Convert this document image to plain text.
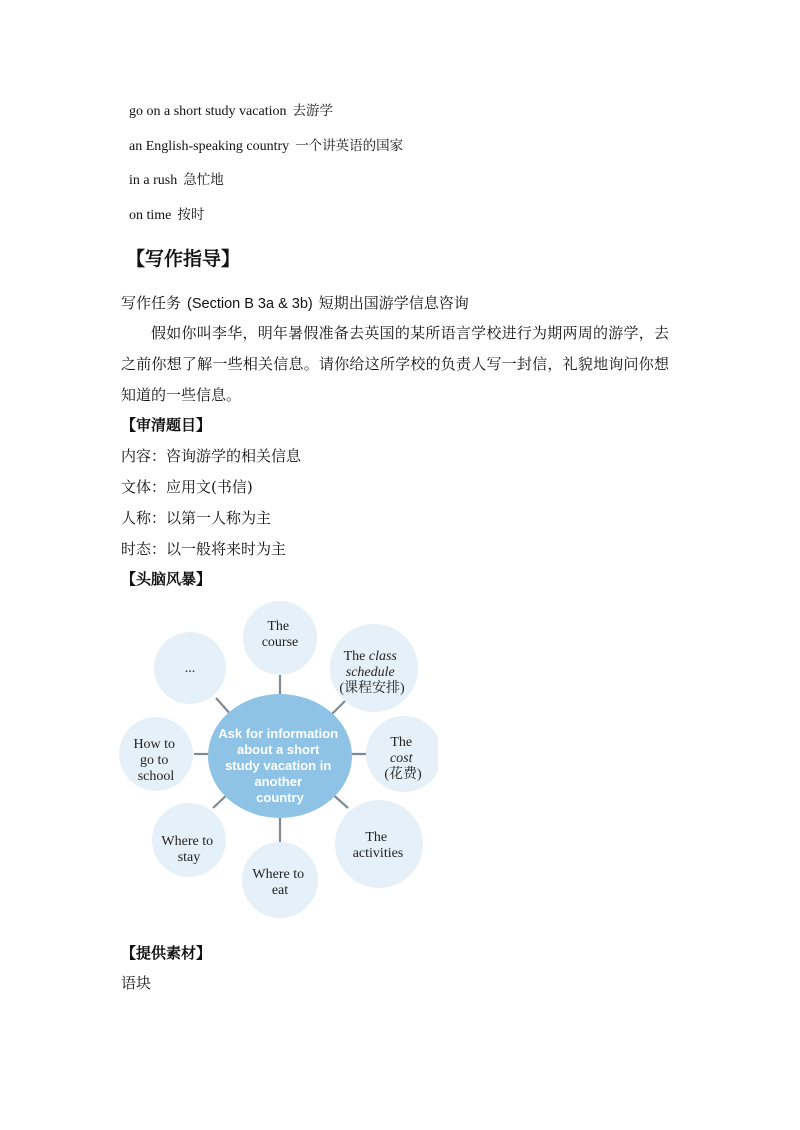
go on a short study vacation 去游学
an English-speaking country 一个讲英语的国家
in a rush 急忙地
on time 按时
【写作指导】
写作任务 (Section B 3a & 3b) 短期出国游学信息咨询
假如你叫李华，明年暑假准备去英国的某所语言学校进行为期两周的游学，去之前你想了解一些相关信息。请你给这所学校的负责人写一封信，礼貌地询问你想知道的一些信息。
【审清题目】
内容：咨询游学的相关信息
文体：应用文(书信)
人称：以第一人称为主
时态：以一般将来时为主
【头脑风暴】
Ask for information about a short study vacation in another country
The course
The class schedule (课程安排)
The cost (花费)
The activities
Where to eat
Where to stay
How to go to school
...
【提供素材】
语块
